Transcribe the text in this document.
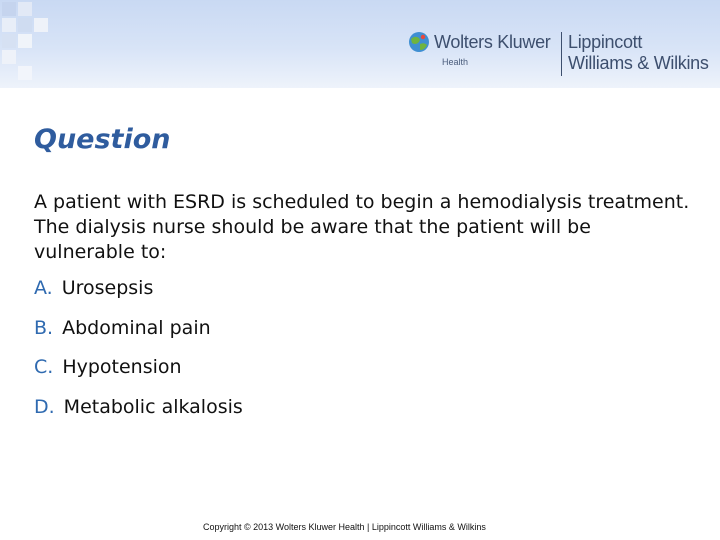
Wolters Kluwer
Health
Lippincott
Williams & Wilkins
Question
A patient with ESRD is scheduled to begin a hemodialysis treatment. The dialysis nurse should be aware that the patient will be vulnerable to:
A. Urosepsis
B. Abdominal pain
C. Hypotension
D. Metabolic alkalosis
Copyright © 2013 Wolters Kluwer Health | Lippincott Williams & Wilkins
